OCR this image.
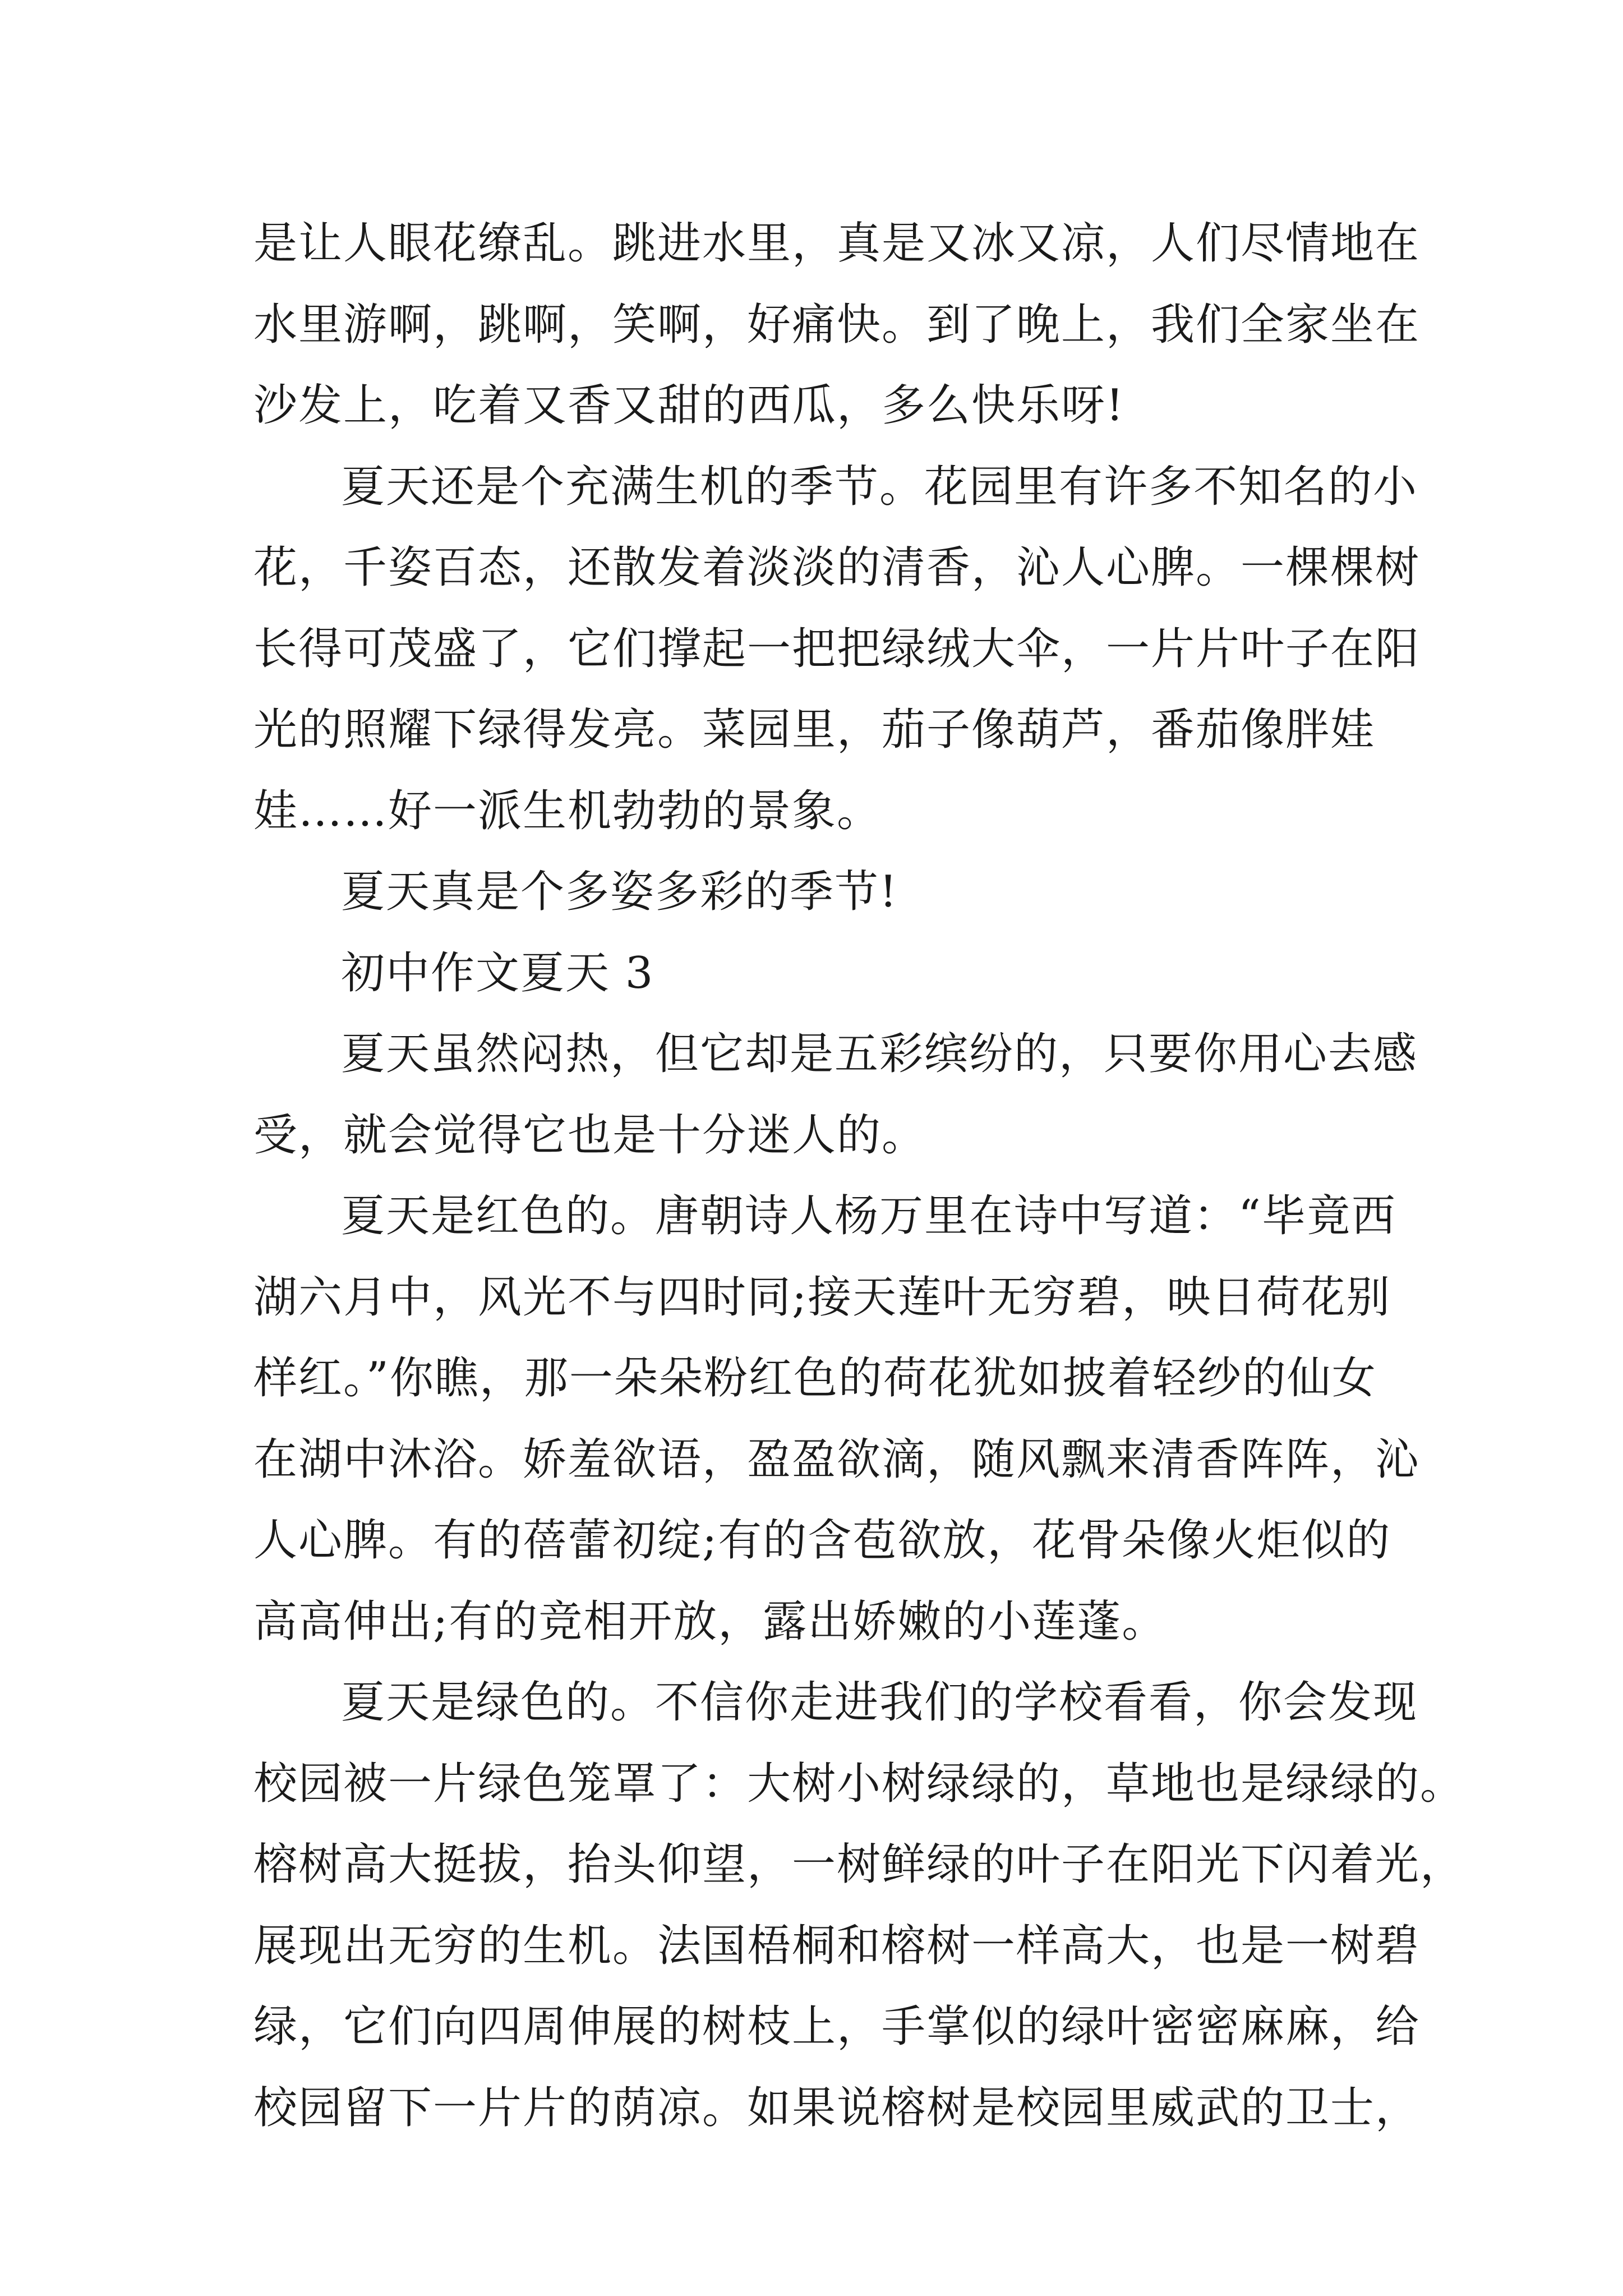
是让人眼花缭乱。跳进水里，真是又冰又凉，人们尽情地在
水里游啊，跳啊，笑啊，好痛快。到了晚上，我们全家坐在
沙发上，吃着又香又甜的西瓜，多么快乐呀!
夏天还是个充满生机的季节。花园里有许多不知名的小
花，千姿百态，还散发着淡淡的清香，沁人心脾。一棵棵树
长得可茂盛了，它们撑起一把把绿绒大伞，一片片叶子在阳
光的照耀下绿得发亮。菜园里，茄子像葫芦，番茄像胖娃
娃……好一派生机勃勃的景象。
夏天真是个多姿多彩的季节!
初中作文夏天 3
夏天虽然闷热，但它却是五彩缤纷的，只要你用心去感
受，就会觉得它也是十分迷人的。
夏天是红色的。唐朝诗人杨万里在诗中写道：“毕竟西
湖六月中，风光不与四时同;接天莲叶无穷碧，映日荷花别
样红。”你瞧，那一朵朵粉红色的荷花犹如披着轻纱的仙女
在湖中沐浴。娇羞欲语，盈盈欲滴，随风飘来清香阵阵，沁
人心脾。有的蓓蕾初绽;有的含苞欲放，花骨朵像火炬似的
高高伸出;有的竞相开放，露出娇嫩的小莲蓬。
夏天是绿色的。不信你走进我们的学校看看，你会发现
校园被一片绿色笼罩了：大树小树绿绿的，草地也是绿绿的。
榕树高大挺拔，抬头仰望，一树鲜绿的叶子在阳光下闪着光，
展现出无穷的生机。法国梧桐和榕树一样高大，也是一树碧
绿，它们向四周伸展的树枝上，手掌似的绿叶密密麻麻，给
校园留下一片片的荫凉。如果说榕树是校园里威武的卫士，
